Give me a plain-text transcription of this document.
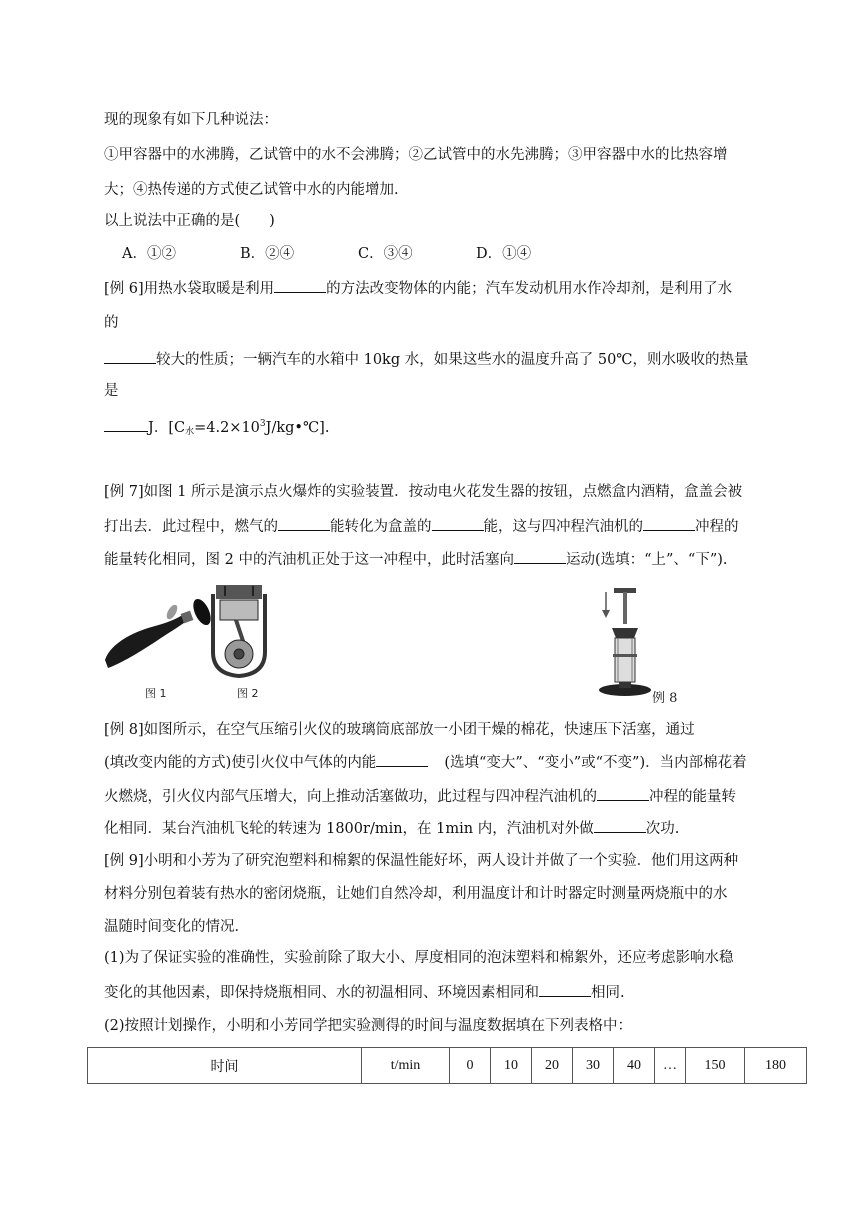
现的现象有如下几种说法：
①甲容器中的水沸腾，乙试管中的水不会沸腾；②乙试管中的水先沸腾；③甲容器中水的比热容增
大；④热传递的方式使乙试管中水的内能增加.
以上说法中正确的是(　　)
A．①②	B．②④	C．③④	D．①④
[例 6]用热水袋取暖是利用	的方法改变物体的内能；汽车发动机用水作冷却剂，是利用了水
的
较大的性质；一辆汽车的水箱中 10kg 水，如果这些水的温度升高了 50℃，则水吸收的热量
是
J．$[C_水=4.2\times 10^3J/kg•℃]$.
[例 7]如图 1 所示是演示点火爆炸的实验装置．按动电火花发生器的按钮，点燃盒内酒精，盒盖会被
打出去．此过程中，燃气的	能转化为盒盖的	能，这与四冲程汽油机的	冲程的
能量转化相同，图 2 中的汽油机正处于这一冲程中，此时活塞向	运动(选填：“上”、“下”).
图 1	图 2	例 8
[例 8]如图所示，在空气压缩引火仪的玻璃筒底部放一小团干燥的棉花，快速压下活塞，通过
(填改变内能的方式)使引火仪中气体的内能	(选填“变大”、“变小”或“不变”)．当内部棉花着
火燃烧，引火仪内部气压增大，向上推动活塞做功，此过程与四冲程汽油机的	冲程的能量转
化相同．某台汽油机飞轮的转速为 1800r/min，在 1min 内，汽油机对外做	次功.
[例 9]小明和小芳为了研究泡塑料和棉絮的保温性能好坏，两人设计并做了一个实验．他们用这两种
材料分别包着装有热水的密闭烧瓶，让她们自然冷却，利用温度计和计时器定时测量两烧瓶中的水
温随时间变化的情况．
(1)为了保证实验的准确性，实验前除了取大小、厚度相同的泡沫塑料和棉絮外，还应考虑影响水稳
变化的其他因素，即保持烧瓶相同、水的初温相同、环境因素相同和	相同.
(2)按照计划操作，小明和小芳同学把实验测得的时间与温度数据填在下列表格中：
时间	t/min	0	10	20	30	40	…	150	180
